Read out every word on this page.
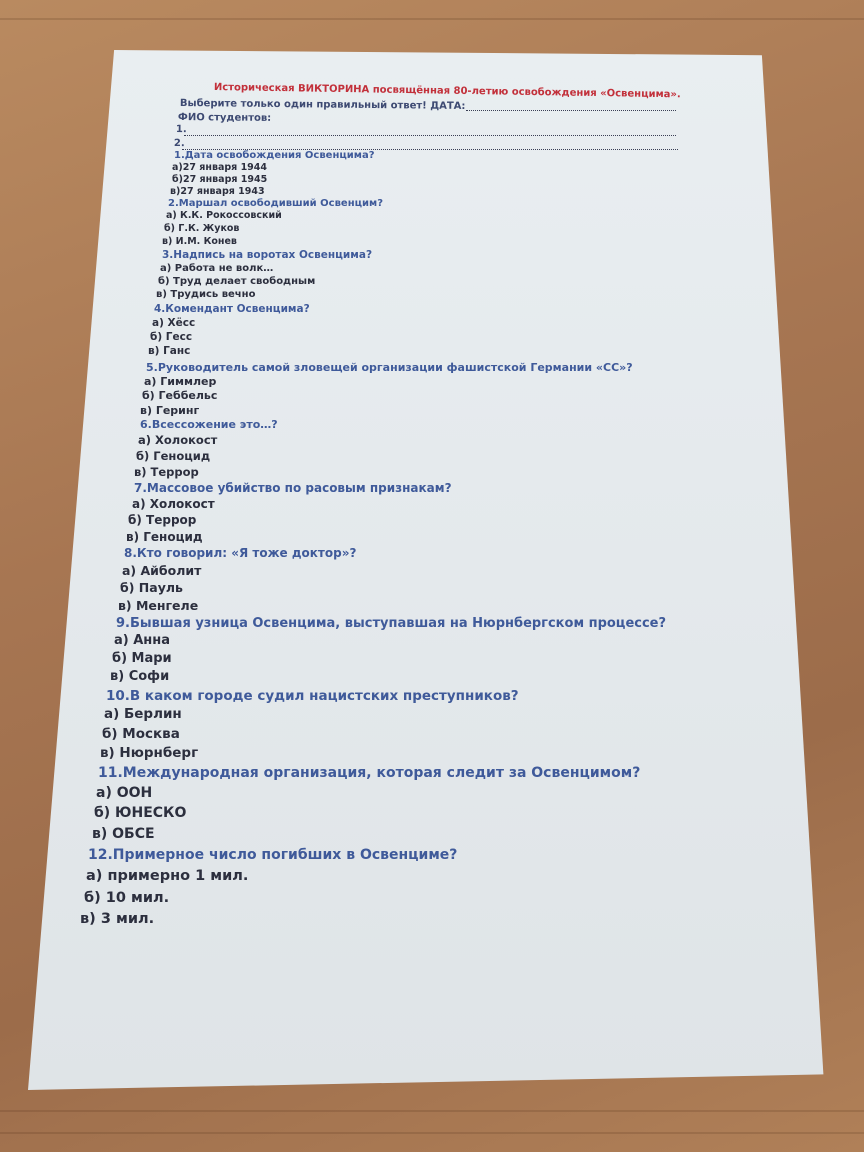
Историческая ВИКТОРИНА посвящённая 80-летию освобождения «Освенцима».
Выберите только один правильный ответ! ДАТА:
ФИО студентов:
1.
2.
1.Дата освобождения Освенцима?
а)27 января 1944
б)27 января 1945
в)27 января 1943
2.Маршал освободивший Освенцим?
а) К.К. Рокоссовский
б) Г.К. Жуков
в) И.М. Конев
3.Надпись на воротах Освенцима?
а) Работа не волк…
б) Труд делает свободным
в) Трудись вечно
4.Комендант Освенцима?
а) Хёсс
б) Гесс
в) Ганс
5.Руководитель самой зловещей организации фашистской Германии «СС»?
а) Гиммлер
б) Геббельс
в) Геринг
6.Всессожение это…?
а) Холокост
б) Геноцид
в) Террор
7.Массовое убийство по расовым признакам?
а) Холокост
б) Террор
в) Геноцид
8.Кто говорил: «Я тоже доктор»?
а) Айболит
б) Пауль
в) Менгеле
9.Бывшая узница Освенцима, выступавшая на Нюрнбергском процессе?
а) Анна
б) Мари
в) Софи
10.В каком городе судил нацистских преступников?
а) Берлин
б) Москва
в) Нюрнберг
11.Международная организация, которая следит за Освенцимом?
а) ООН
б) ЮНЕСКО
в) ОБСЕ
12.Примерное число погибших в Освенциме?
а) примерно 1 мил.
б) 10 мил.
в) 3 мил.
